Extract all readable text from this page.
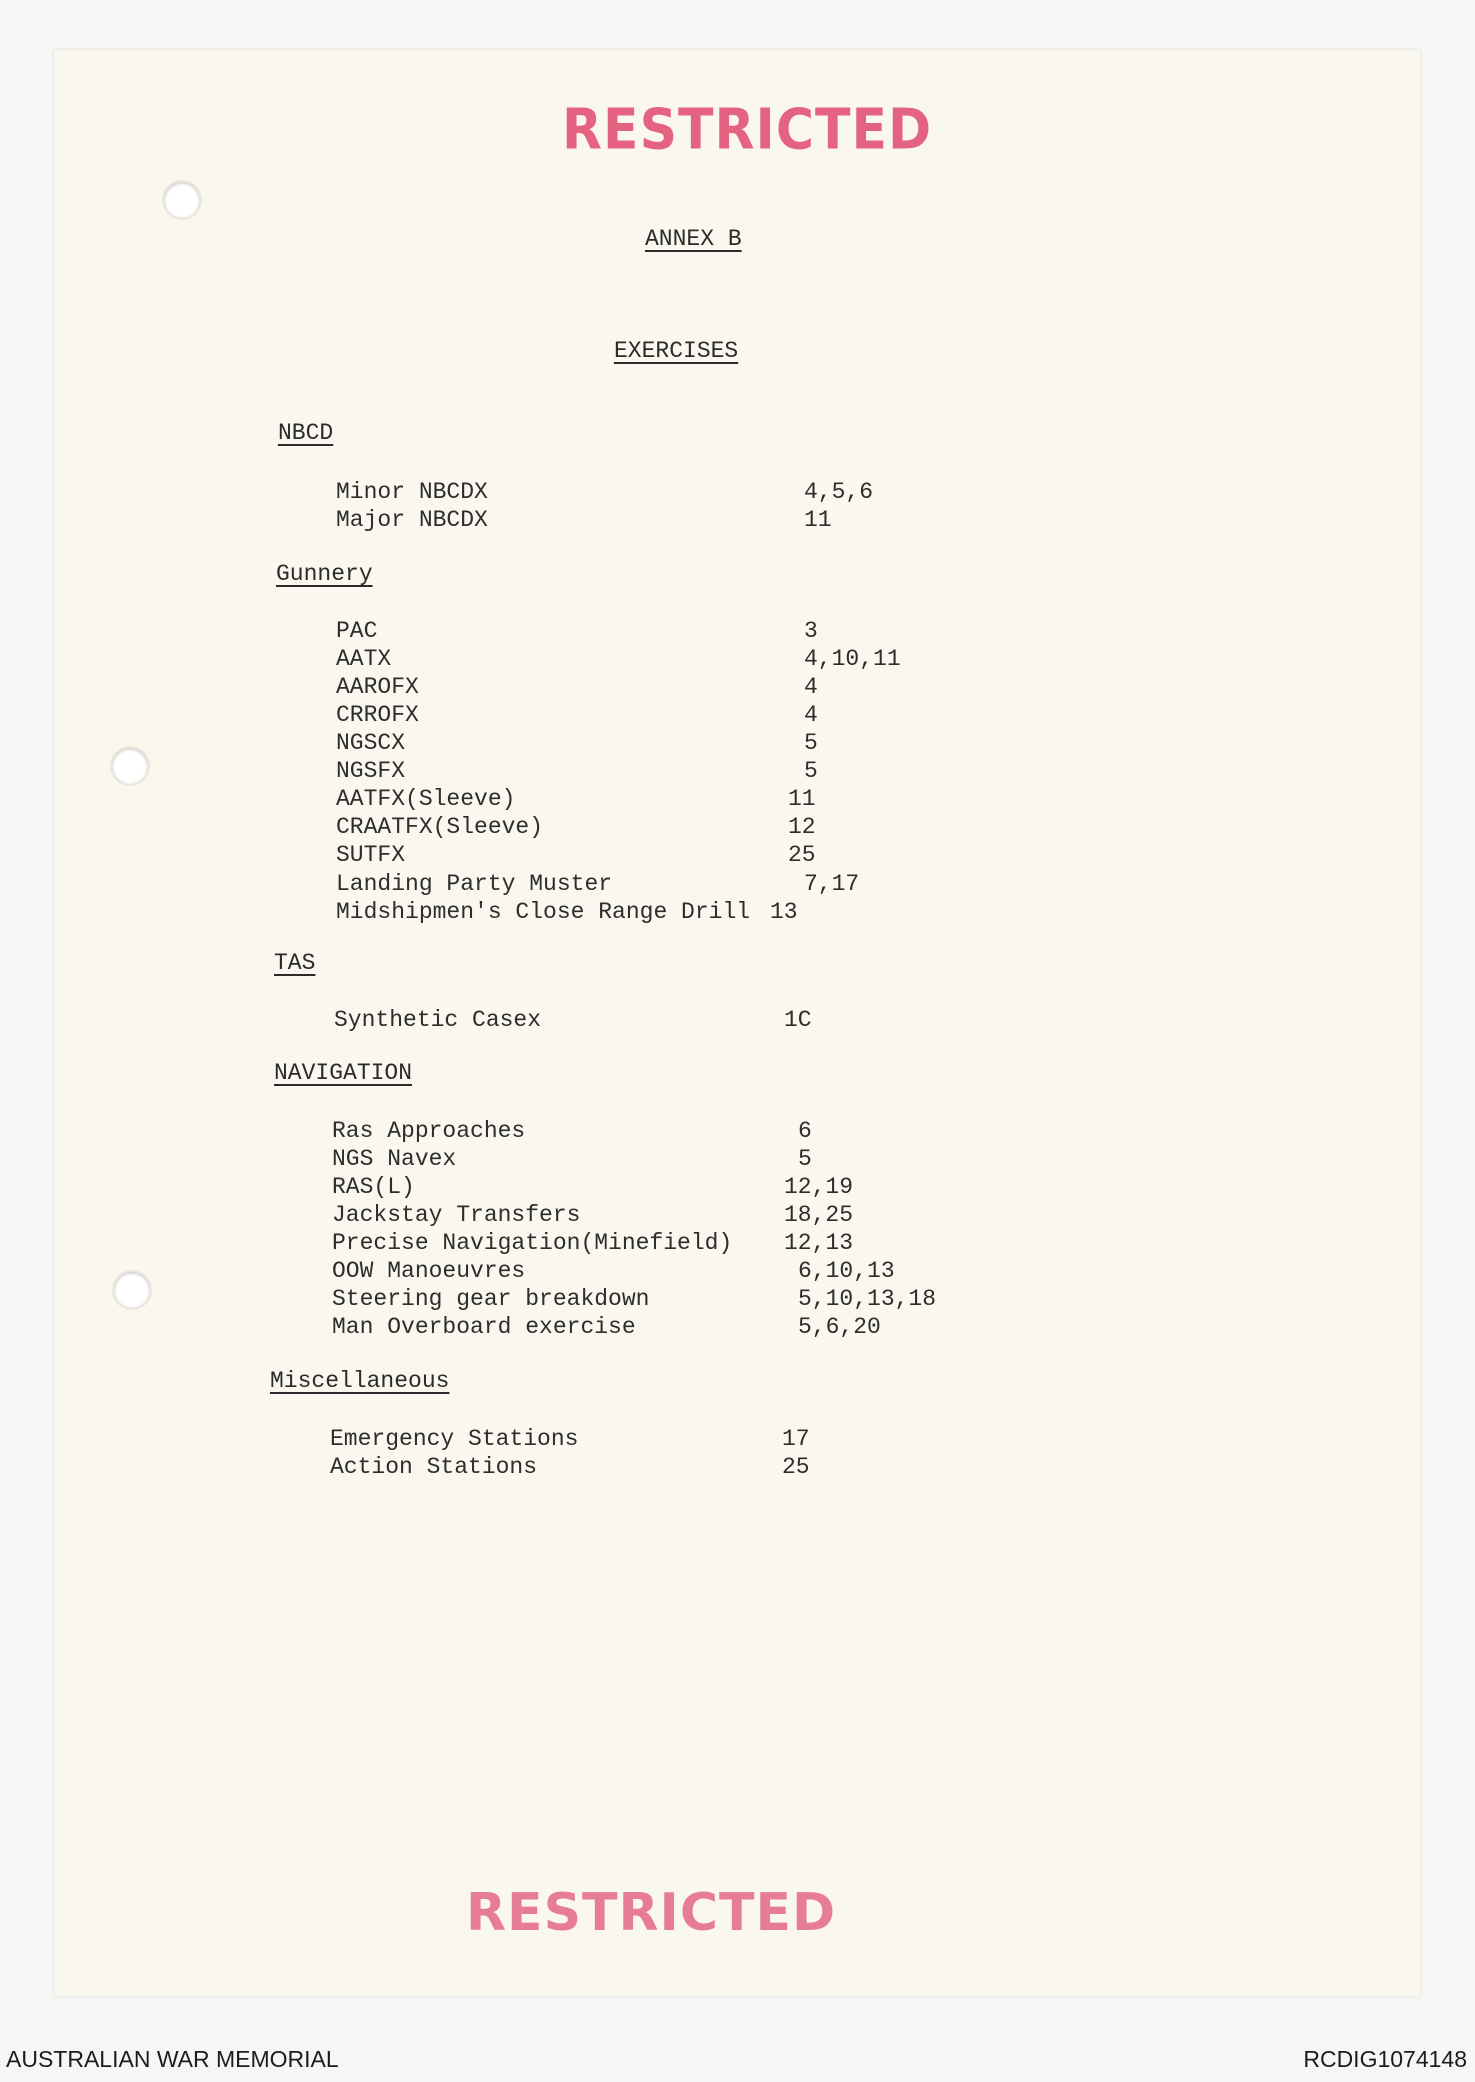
RESTRICTED
ANNEX B
EXERCISES
NBCD
Minor NBCDX	4,5,6
Major NBCDX	11
Gunnery
PAC	3
AATX	4,10,11
AAROFX	4
CRROFX	4
NGSCX	5
NGSFX	5
AATFX(Sleeve)	11
CRAATFX(Sleeve)	12
SUTFX	25
Landing Party Muster	7,17
Midshipmen's Close Range Drill 13
TAS
Synthetic Casex	1C
NAVIGATION
Ras Approaches	6
NGS Navex	5
RAS(L)	12,19
Jackstay Transfers	18,25
Precise Navigation(Minefield) 12,13
OOW Manoeuvres	6,10,13
Steering gear breakdown	5,10,13,18
Man Overboard exercise	5,6,20
Miscellaneous
Emergency Stations	17
Action Stations	25
RESTRICTED
AUSTRALIAN WAR MEMORIAL	RCDIG1074148
